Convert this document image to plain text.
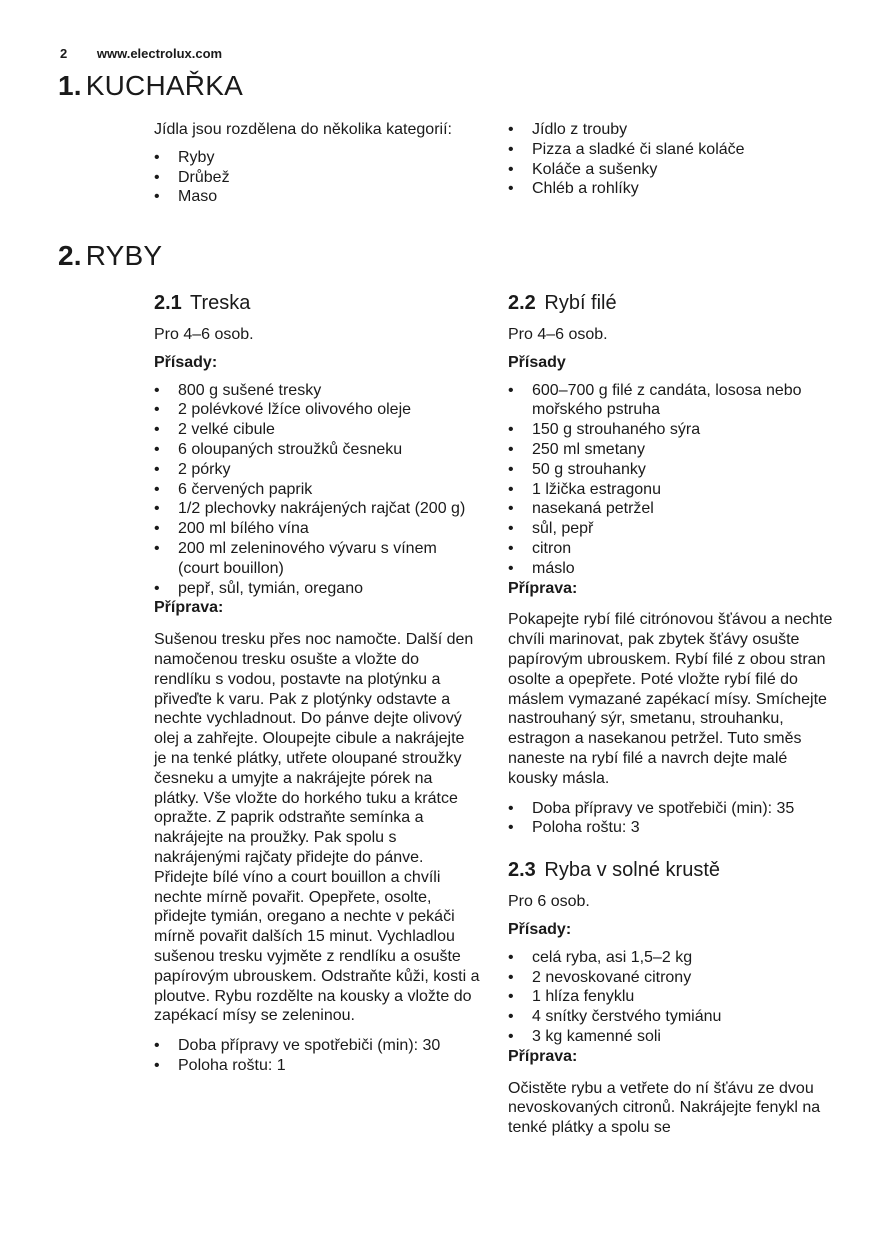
2 www.electrolux.com
1. KUCHAŘKA

Jídla jsou rozdělena do několika kategorií:

• Ryby
• Drůbež
• Maso
• Jídlo z trouby
• Pizza a sladké či slané koláče
• Koláče a sušenky
• Chléb a rohlíky
2. RYBY
2.1 Treska

Pro 4–6 osob.

Přísady:

• 800 g sušené tresky
• 2 polévkové lžíce olivového oleje
• 2 velké cibule
• 6 oloupaných stroužků česneku
• 2 pórky
• 6 červených paprik
• 1/2 plechovky nakrájených rajčat (200 g)
• 200 ml bílého vína
• 200 ml zeleninového vývaru s vínem (court bouillon)
• pepř, sůl, tymián, oregano

Příprava:

Sušenou tresku přes noc namočte. Další den namočenou tresku osušte a vložte do rendlíku s vodou, postavte na plotýnku a přiveďte k varu. Pak z plotýnky odstavte a nechte vychladnout. Do pánve dejte olivový olej a zahřejte. Oloupejte cibule a nakrájejte je na tenké plátky, utřete oloupané stroužky česneku a umyjte a nakrájejte pórek na plátky. Vše vložte do horkého tuku a krátce opražte. Z paprik odstraňte semínka a nakrájejte na proužky. Pak spolu s nakrájenými rajčaty přidejte do pánve. Přidejte bílé víno a court bouillon a chvíli nechte mírně povařit. Opepřete, osolte, přidejte tymián, oregano a nechte v pekáči mírně povařit dalších 15 minut. Vychladlou sušenou tresku vyjměte z rendlíku a osušte papírovým ubrouskem. Odstraňte kůži, kosti a ploutve. Rybu rozdělte na kousky a vložte do zapékací mísy se zeleninou.

• Doba přípravy ve spotřebiči (min): 30
• Poloha roštu: 1
2.2 Rybí filé

Pro 4–6 osob.

Přísady

• 600–700 g filé z candáta, lososa nebo mořského pstruha
• 150 g strouhaného sýra
• 250 ml smetany
• 50 g strouhanky
• 1 lžička estragonu
• nasekaná petržel
• sůl, pepř
• citron
• máslo

Příprava:

Pokapejte rybí filé citrónovou šťávou a nechte chvíli marinovat, pak zbytek šťávy osušte papírovým ubrouskem. Rybí filé z obou stran osolte a opepřete. Poté vložte rybí filé do máslem vymazané zapékací mísy. Smíchejte nastrouhaný sýr, smetanu, strouhanku, estragon a nasekanou petržel. Tuto směs naneste na rybí filé a navrch dejte malé kousky másla.

• Doba přípravy ve spotřebiči (min): 35
• Poloha roštu: 3
2.3 Ryba v solné krustě

Pro 6 osob.

Přísady:

• celá ryba, asi 1,5–2 kg
• 2 nevoskované citrony
• 1 hlíza fenyklu
• 4 snítky čerstvého tymiánu
• 3 kg kamenné soli

Příprava:

Očistěte rybu a vetřete do ní šťávu ze dvou nevoskovaných citronů. Nakrájejte fenykl na tenké plátky a spolu se
